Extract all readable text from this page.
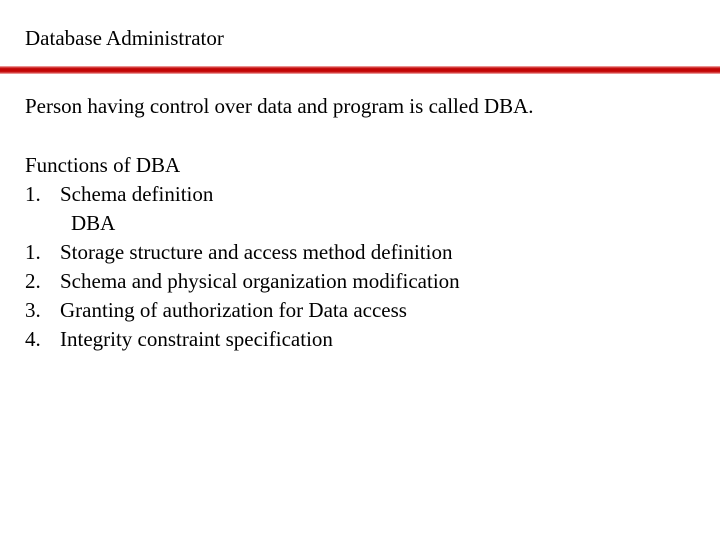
Database Administrator
Person having control over data and program is called DBA.
Functions of DBA
1. Schema definition
DBA
1. Storage structure and access method definition
2. Schema and physical organization modification
3. Granting of authorization for Data access
4. Integrity constraint specification
